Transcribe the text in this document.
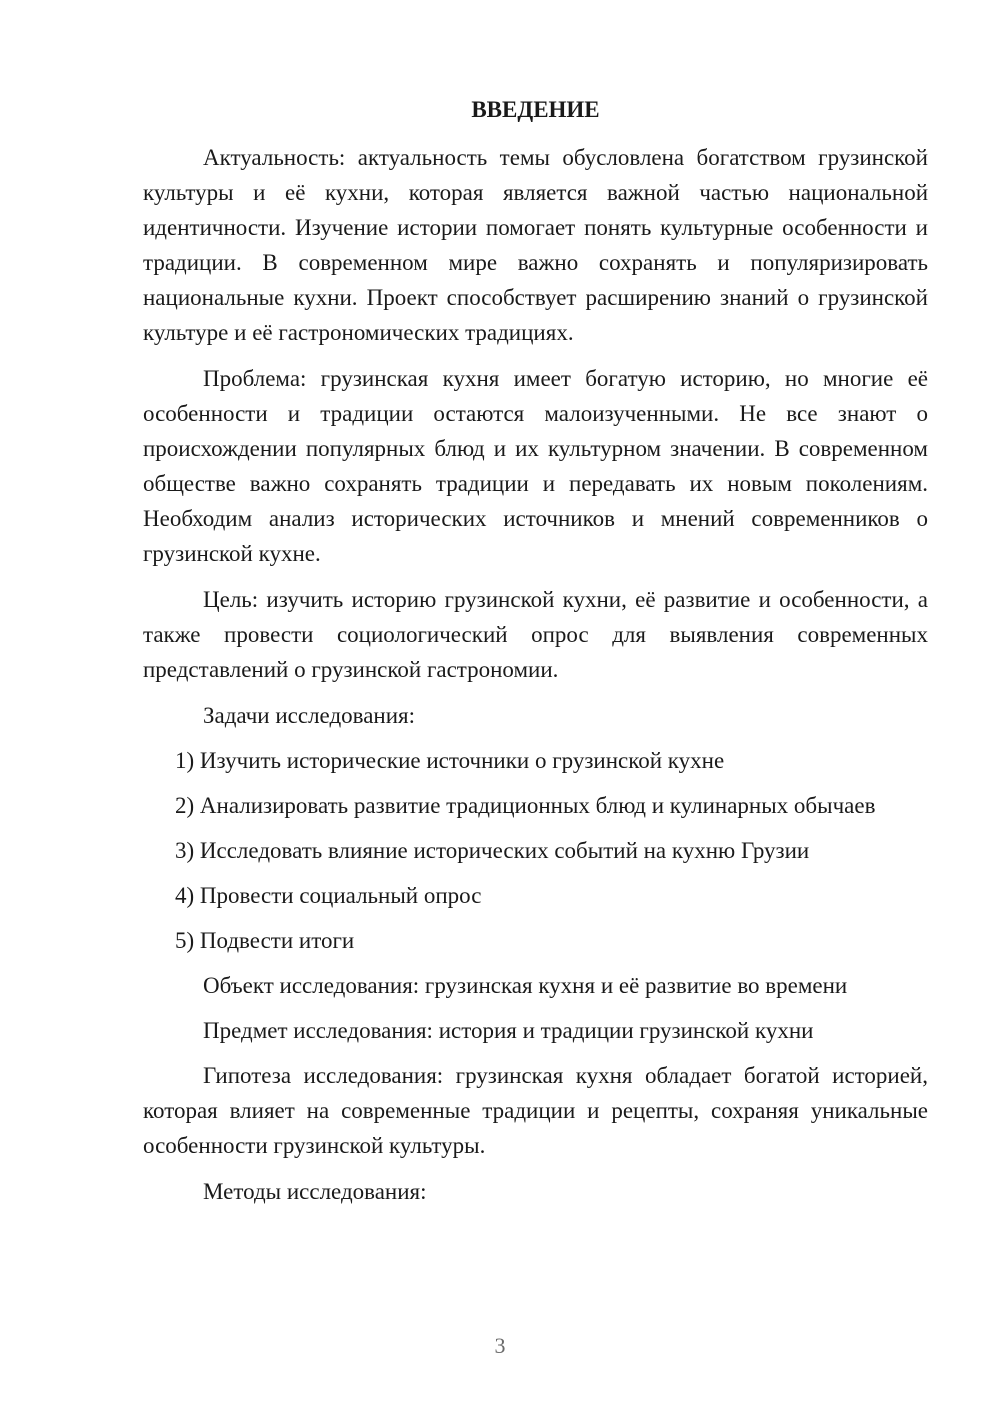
ВВЕДЕНИЕ

Актуальность: актуальность темы обусловлена богатством грузинской культуры и её кухни, которая является важной частью национальной идентичности. Изучение истории помогает понять культурные особенности и традиции. В современном мире важно сохранять и популяризировать национальные кухни. Проект способствует расширению знаний о грузинской культуре и её гастрономических традициях.

Проблема: грузинская кухня имеет богатую историю, но многие её особенности и традиции остаются малоизученными. Не все знают о происхождении популярных блюд и их культурном значении. В современном обществе важно сохранять традиции и передавать их новым поколениям. Необходим анализ исторических источников и мнений современников о грузинской кухне.

Цель: изучить историю грузинской кухни, её развитие и особенности, а также провести социологический опрос для выявления современных представлений о грузинской гастрономии.

Задачи исследования:

1) Изучить исторические источники о грузинской кухне

2) Анализировать развитие традиционных блюд и кулинарных обычаев

3) Исследовать влияние исторических событий на кухню Грузии

4) Провести социальный опрос

5) Подвести итоги

Объект исследования: грузинская кухня и её развитие во времени

Предмет исследования: история и традиции грузинской кухни

Гипотеза исследования: грузинская кухня обладает богатой историей, которая влияет на современные традиции и рецепты, сохраняя уникальные особенности грузинской культуры.

Методы исследования:

3
